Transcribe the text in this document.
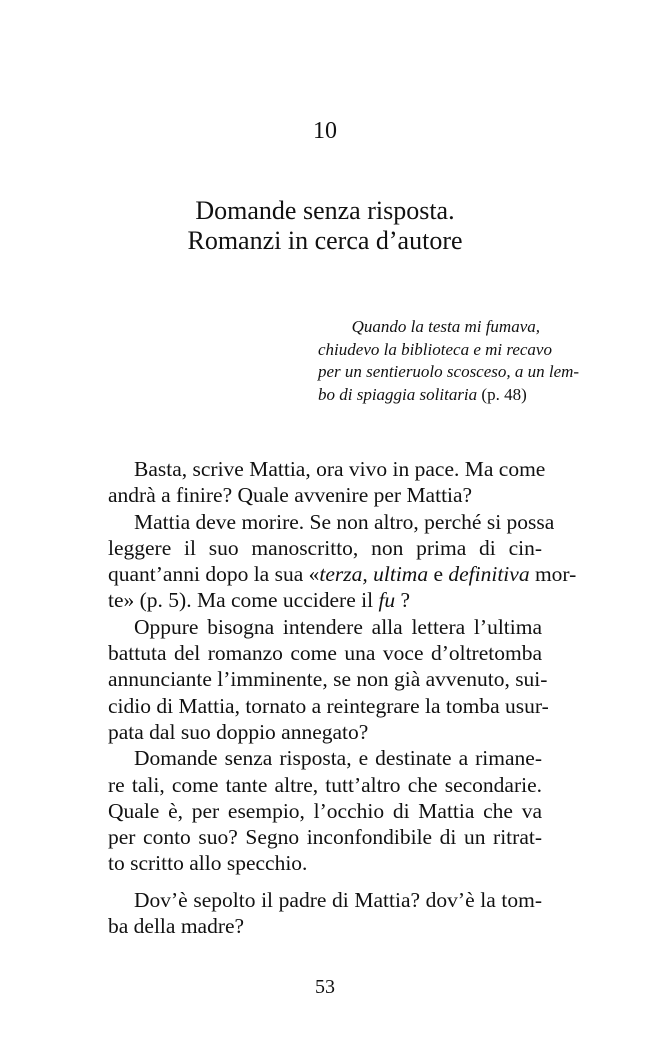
10
Domande senza risposta.
Romanzi in cerca d’autore
Quando la testa mi fumava,
chiudevo la biblioteca e mi recavo
per un sentieruolo scosceso, a un lem-
bo di spiaggia solitaria (p. 48)
Basta, scrive Mattia, ora vivo in pace. Ma come
andrà a finire? Quale avvenire per Mattia?
Mattia deve morire. Se non altro, perché si possa
leggere il suo manoscritto, non prima di cin-
quant’anni dopo la sua «terza, ultima e definitiva mor-
te» (p. 5). Ma come uccidere il fu ?
Oppure bisogna intendere alla lettera l’ultima
battuta del romanzo come una voce d’oltretomba
annunciante l’imminente, se non già avvenuto, sui-
cidio di Mattia, tornato a reintegrare la tomba usur-
pata dal suo doppio annegato?
Domande senza risposta, e destinate a rimane-
re tali, come tante altre, tutt’altro che secondarie.
Quale è, per esempio, l’occhio di Mattia che va
per conto suo? Segno inconfondibile di un ritrat-
to scritto allo specchio.
Dov’è sepolto il padre di Mattia? dov’è la tom-
ba della madre?
53
